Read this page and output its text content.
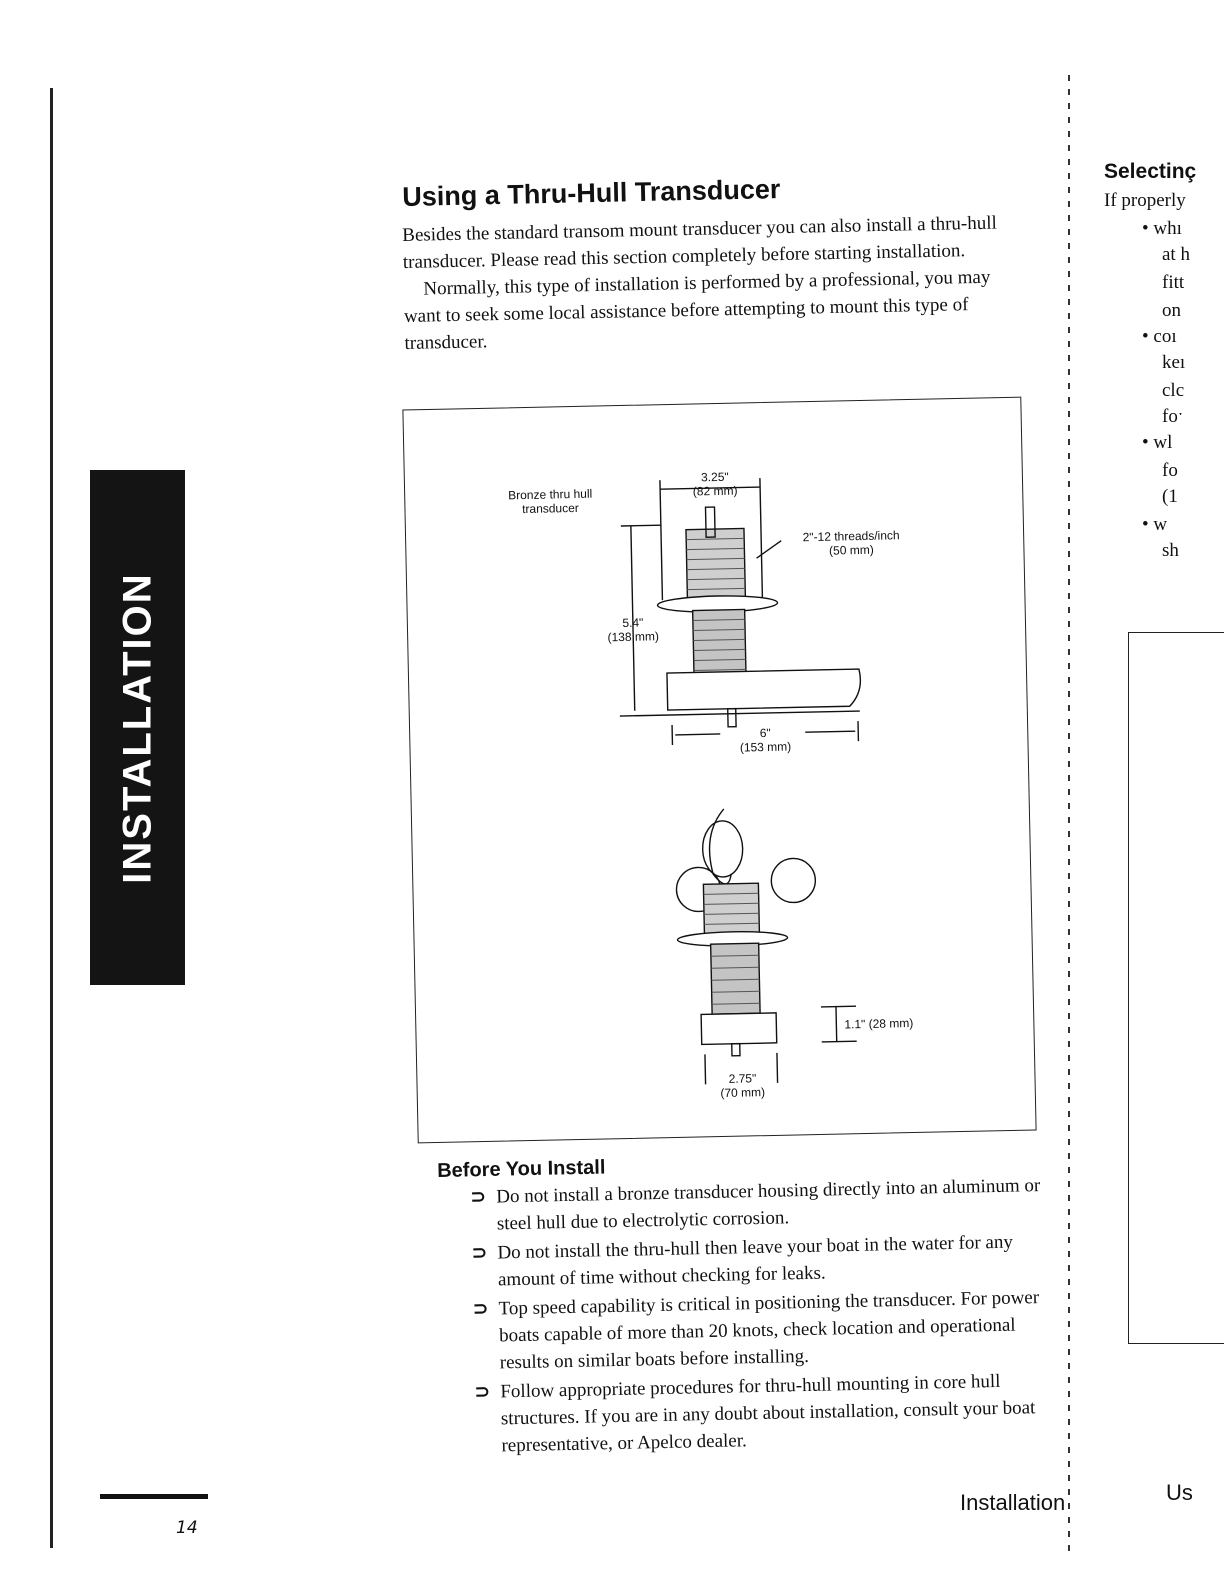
INSTALLATION
Using a Thru-Hull Transducer
Besides the standard transom mount transducer you can also install a thru-hull transducer. Please read this section completely before starting installation.
Normally, this type of installation is performed by a professional, you may want to seek some local assistance before attempting to mount this type of transducer.
Bronze thru hull transducer
3.25"
(82 mm)
2"-12 threads/inch
(50 mm)
5.4"
(138 mm)
6"
(153 mm)
1.1" (28 mm)
2.75"
(70 mm)
Before You Install
⊃ Do not install a bronze transducer housing directly into an aluminum or steel hull due to electrolytic corrosion.
⊃ Do not install the thru-hull then leave your boat in the water for any amount of time without checking for leaks.
⊃ Top speed capability is critical in positioning the transducer. For power boats capable of more than 20 knots, check location and operational results on similar boats before installing.
⊃ Follow appropriate procedures for thru-hull mounting in core hull structures. If you are in any doubt about installation, consult your boat representative, or Apelco dealer.
14
Installation
Selectinç
If properly
• whı
at h
fitt
on
• coı
keı
clc
foˑ
• wl
fo
(1
• w
sh
Us
